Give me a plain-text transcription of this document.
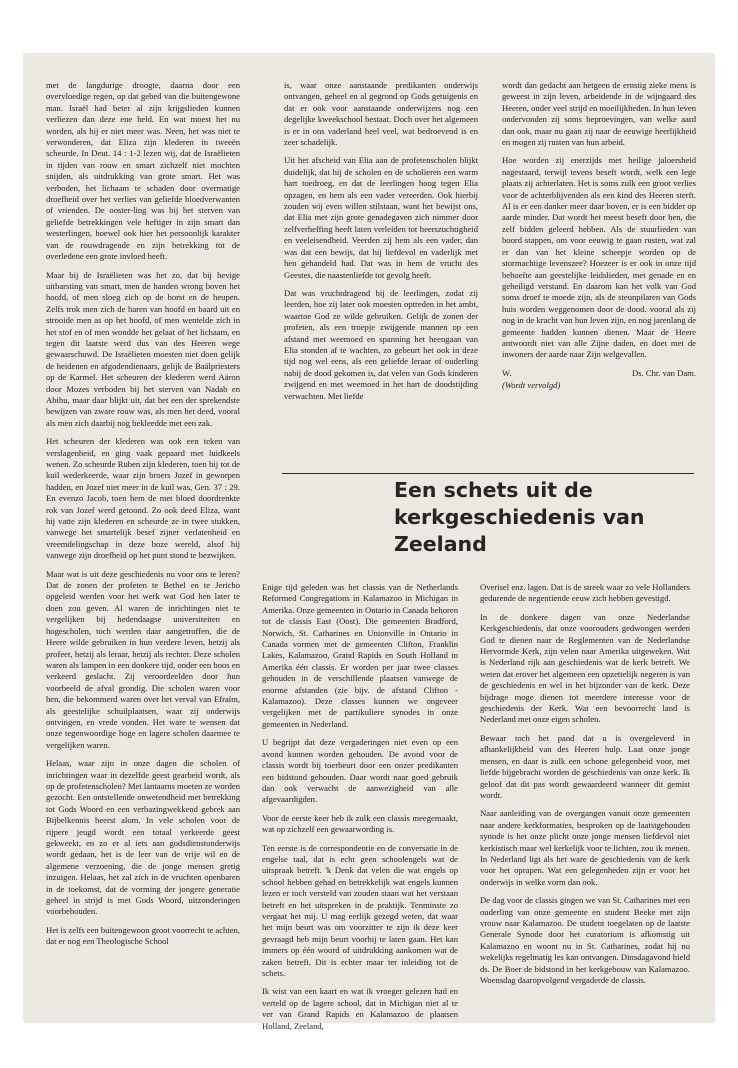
met de langdurige droogte, daarna door een overvloedige regen, op dat gebed van die buitengewone man. Israël had beter al zijn krijgslieden kunnen verliezen dan deze ene held. En wat moest het nu worden, als hij er niet meer was. Neen, het was niet te verwonderen, dat Eliza zijn klederen in tweeën scheurde. In Deut. 14 : 1-2 lezen wij, dat de Israëlieten in tijden van rouw en smart zichzelf niet mochten snijden, als uitdrukking van grote smart. Het was verboden, het lichaam te schaden door overmatige droefheid over het verlies van geliefde bloedverwanten of vrienden. De ooster-ling was bij het sterven van geliefde betrekkingen vele heftiger in zijn smart dan westerlingen, hoewel ook hier het persoonlijk karakter van de rouwdragende en zijn betrekking tot de overledene een grote invloed heeft.

Maar bij de Israëlieten was het zo, dat bij hevige uitbarsting van smart, men de handen wrong boven het hoofd, of men sloeg zich op de borst en de heupen. Zelfs trok men zich de haren van hoofd en baard uit en strooide men as op het hoofd, of men wentelde zich in het stof en of men wondde het gelaat of het lichaam, en tegen dit laatste werd dus van des Heeren wege gewaarschuwd. De Israëlieten moesten niet doen gelijk de heidenen en afgodendienaars, gelijk de Baälpriesters op de Karmel. Het scheuren der klederen werd Aäron door Mozes verboden bij het sterven van Nadab en Abihu, maar daar blijkt uit, dat het een der sprekendste bewijzen van zware rouw was, als men het deed, vooral als men zich daarbij nog bekleedde met een zak.

Het scheuren der klederen was ook een teken van verslagenheid, en ging vaak gepaard met luidkeels wenen. Zo scheurde Ruben zijn klederen, toen hij tot de kuil wederkeerde, waar zijn broers Jozef in geworpen hadden, en Jozef niet meer in de kuil was, Gen. 37 : 29. En evenzo Jacob, toen hem de met bloed doordrenkte rok van Jozef werd getoond. Zo ook deed Eliza, want hij vatte zijn klederen en scheurde ze in twee stukken, vanwege het smartelijk besef zijner verlatenheid en vreemdelingschap in deze boze wereld, alsof hij vanwege zijn droefheid op het punt stond te bezwijken.

Maar wat is uit deze geschiedenis nu voor ons te leren? Dat de zonen der profeten te Bethel en te Jericho opgeleid werden voor het werk wat God hen later te doen zou geven. Al waren de inrichtingen niet te vergelijken bij hedendaagse universiteiten en hogescholen, toch werden daar aangetroffen, die de Heere wilde gebruiken in hun verdere leven, hetzij als profeet, hetzij als leraar, hetzij als rechter. Deze scholen waren als lampen in een donkere tijd, onder een boos en verkeerd geslacht. Zij veroordeelden door hun voorbeeld de afval grondig. Die scholen waren voor hen, die bekommerd waren over het verval van Efraïm, als geestelijke schuilplaatsen, waar zij onderwijs ontvingen, en vrede vonden. Het ware te wensen dat onze tegenwoordige hoge en lagere scholen daarmee te vergelijken waren.

Helaas, waar zijn in onze dagen die scholen of inrichtingen waar in dezelfde geest gearbeid wordt, als op de profetenscholen? Met lantaarns moeten ze worden gezocht. Een ontstellende onwetendheid met betrekking tot Gods Woord en een verbazingwekkend gebrek aan Bijbelkennis heerst alom. In vele scholen voor de rijpere jeugd wordt een totaal verkeerde geest gekweekt, en zo er al iets aan godsdienstonderwijs wordt gedaan, het is de leer van de vrije wil en de algemene verzoening, die de jonge mensen gretig inzuigen. Helaas, het zal zich in de vruchten openbaren in de toekomst, dat de vorming der jongere generatie geheel in strijd is met Gods Woord, uitzonderingen voorbehouden.

Het is zelfs een buitengewoon groot voorrecht te achten, dat er nog een Theologische School

is, waar onze aanstaande predikanten onderwijs ontvangen, geheel en al gegrond op Gods getuigenis en dat er ook voor aanstaande onderwijzers nog een degelijke kweekschool bestaat. Doch over het algemeen is er in ons vaderland heel veel, wat bedroevend is en zeer schadelijk.

Uit het afscheid van Elia aan de profetenscholen blijkt duidelijk, dat hij de scholen en de scholieren een warm hart toedroeg, en dat de leerlingen hoog tegen Elia opzagen, en hem als een vader vereerden. Ook hierbij zouden wij even willen stilstaan, want het bewijst ons, dat Elia met zijn grote genadegaven zich nimmer door zelfverheffing heeft laten verleiden tot heerszuchtigheid en veeleisendheid. Veerden zij hem als een vader, dan was dat een bewijs, dat hij liefdevol en vaderlijk met hen gehandeld had. Dat was in hem de vrucht des Geestes, die naastenliefde tot gevolg heeft.

Dat was vruchtdragend bij de leerlingen, zodat zij leerden, hoe zij later ook moesten optreden in het ambt, waartoe God ze wilde gebruiken. Gelijk de zonen der profeten, als een troepje zwijgende mannen op een afstand met weemoed en spanning het heengaan van Elia stonden af te wachten, zo gebeurt het ook in deze tijd nog wel eens, als een geliefde leraar of ouderling nabij de dood gekomen is, dat velen van Gods kinderen zwijgend en met weemoed in het hart de doodstijding verwachten. Met liefde

wordt dan gedacht aan hetgeen de ernstig zieke mens is geweest in zijn leven, arbeidende in de wijngaard des Heeren, onder veel strijd en moeilijkheden. In hun leven ondervonden zij soms beproevingen, van welke aard dan ook, maar nu gaan zij naar de eeuwige heerlijkheid en mogen zij rusten van hun arbeid.

Hoe worden zij enerzijds met heilige jaloersheid nagestaard, terwijl tevens beseft wordt, welk een lege plaats zij achterlaten. Het is soms zulk een groot verlies voor de achterblijvenden als een kind des Heeren sterft. Al is er een danker meer daar boven, er is een bidder op aarde minder. Dat wordt het meest beseft door hen, die zelf bidden geleerd hebben. Als de stuurlieden van boord stappen, om voor eeuwig te gaan rusten, wat zal er dan van het kleine scheepje worden op de stormachtige levenszee? Hoezeer is er ook in onze tijd behoefte aan geestelijke leidslieden, met genade en en geheiligd verstand. En daarom kan het volk van God soms droef te moede zijn, als de steunpilaren van Gods huis worden weggenomen door de dood. vooral als zij nog in de kracht van hun leven zijn, en nog jarenlang de gemeente hadden kunnen dienen. Maar de Heere antwoordt niet van alle Zijne daden, en doet met de inwoners der aarde naar Zijn welgevallen.

W.	Ds. Chr. van Dam.
(Wordt vervolgd)
Een schets uit de kerkgeschiedenis van Zeeland

Enige tijd geleden was het classis van de Netherlands Reformed Congregations in Kalamazoo in Michigan in Amerika. Onze gemeenten in Ontario in Canada behoren tot de classis East (Oost). Die gemeenten Bradford, Norwich, St. Catharines en Unionville in Ontario in Canada vormen met de gemeenten Clifton, Franklin Lakes, Kalamazoo, Grand Rapids en South Holland in Amerika één classis. Er worden per jaar twee classes gehouden in de verschillende plaatsen vanwege de enorme afstanden (zie bijv. de afstand Clifton - Kalamazoo). Deze classes kunnen we ongeveer vergelijken met de partikuliere synodes in onze gemeenten in Nederland.

U begrijpt dat deze vergaderingen niet even op een avond kunnen worden gehouden. De avond voor de classis wordt bij toerbeurt door een onzer predikanten een bidstond gehouden. Daar wordt naar goed gebruik dan ook verwacht de aanwezigheid van alle afgevaardigden.

Voor de eerste keer heb ik zulk een classis meegemaakt, wat op zichzelf een gewaarwording is.

Ten eerste is de correspondentie en de conversatie in de engelse taal, dat is echt geen schoolengels wat de uitspraak betreft. 'k Denk dat velen die wat engels op school hebben gehad en betrekkelijk wat engels kunnen lezen er toch versteld van zouden staan wat het verstaan betreft en het uitspreken in de praktijk. Tenminste zo vergaat het mij. U mag eerlijk gezegd weten, dat waar het mijn beurt was om voorzitter te zijn ik deze keer gevraagd heb mijn beurt voorbij te laten gaan. Het kan immers op één woord of uitdrukking aankomen wat de zaken betreft. Dit is echter maar ter inleiding tot de schets.

Ik wist van een kaart en wat ik vroeger gelezen had en verteld op de lagere school, dat in Michigan niet al te ver van Grand Rapids en Kalamazoo de plaatsen Holland, Zeeland,

Overisel enz. lagen. Dat is de streek waar zo vele Hollanders gedurende de negentiende eeuw zich hebben gevestigd.

In de donkere dagen van onze Nederlandse Kerkgeschiedenis, dat onze voorouders gedwongen werden God te dienen naar de Reglementen van de Nederlandse Hervormde Kerk, zijn velen naar Amerika uitgeweken. Wat is Nederland rijk aan geschiedenis wat de kerk betreft. We weten dat erover het algemeen een opzettelijk negeren is van de geschiedenis en wel in het bijzonder van de kerk. Deze bijdrage moge dienen tot meerdere interesse voor de geschiedenis der Kerk. Wat een bevoorrecht land is Nederland met onze eigen scholen.

Bewaar toch het pand dat u is overgeleverd in afhankelijkheid van des Heeren hulp. Laat onze jonge mensen, en daar is zulk een schone gelegenheid voor, met liefde bijgebracht worden de geschiedenis van onze kerk. Ik geloof dat dit pas wordt gewaardeerd wanneer dit gemist wordt.

Naar aanleiding van de overgangen vanuit onze gemeenten naar andere kerkformaties, besproken op de laatstgehouden synode is het onze plicht onze jonge mensen liefdevol niet kerkistisch maar wel kerkelijk voor te lichten, zou ik menen. In Nederland ligt als het ware de geschiedenis van de kerk voor het oprapen. Wat een gelegenheden zijn er voor het onderwijs in welke vorm dan ook.

De dag voor de classis gingen we van St. Catharines met een ouderling van onze gemeente en student Beeke met zijn vrouw naar Kalamazoo. De student toegelaten op de laatste Generale Synode door het curatorium is afkomstig uit Kalamazoo en woont nu in St. Catharines, zodat hij nu wekelijks regelmatig les kan ontvangen. Dinsdagavond hield ds. De Boer de bidstond in het kerkgebouw van Kalamazoo. Woensdag daaropvolgend vergaderde de classis.
